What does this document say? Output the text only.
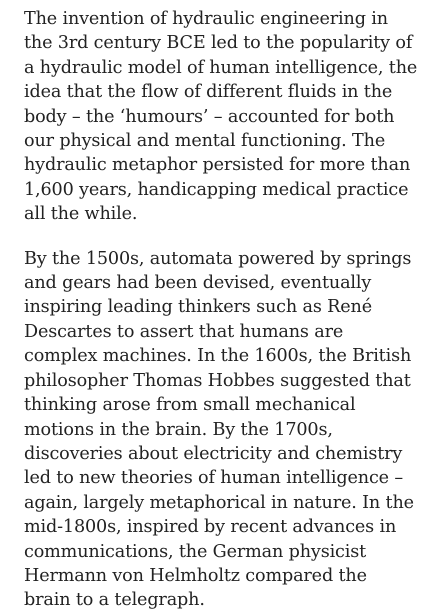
The invention of hydraulic engineering in the 3rd century BCE led to the popularity of a hydraulic model of human intelligence, the idea that the flow of different fluids in the body – the ‘humours’ – accounted for both our physical and mental functioning. The hydraulic metaphor persisted for more than 1,600 years, handicapping medical practice all the while.

By the 1500s, automata powered by springs and gears had been devised, eventually inspiring leading thinkers such as René Descartes to assert that humans are complex machines. In the 1600s, the British philosopher Thomas Hobbes suggested that thinking arose from small mechanical motions in the brain. By the 1700s, discoveries about electricity and chemistry led to new theories of human intelligence – again, largely metaphorical in nature. In the mid-1800s, inspired by recent advances in communications, the German physicist Hermann von Helmholtz compared the brain to a telegraph.
